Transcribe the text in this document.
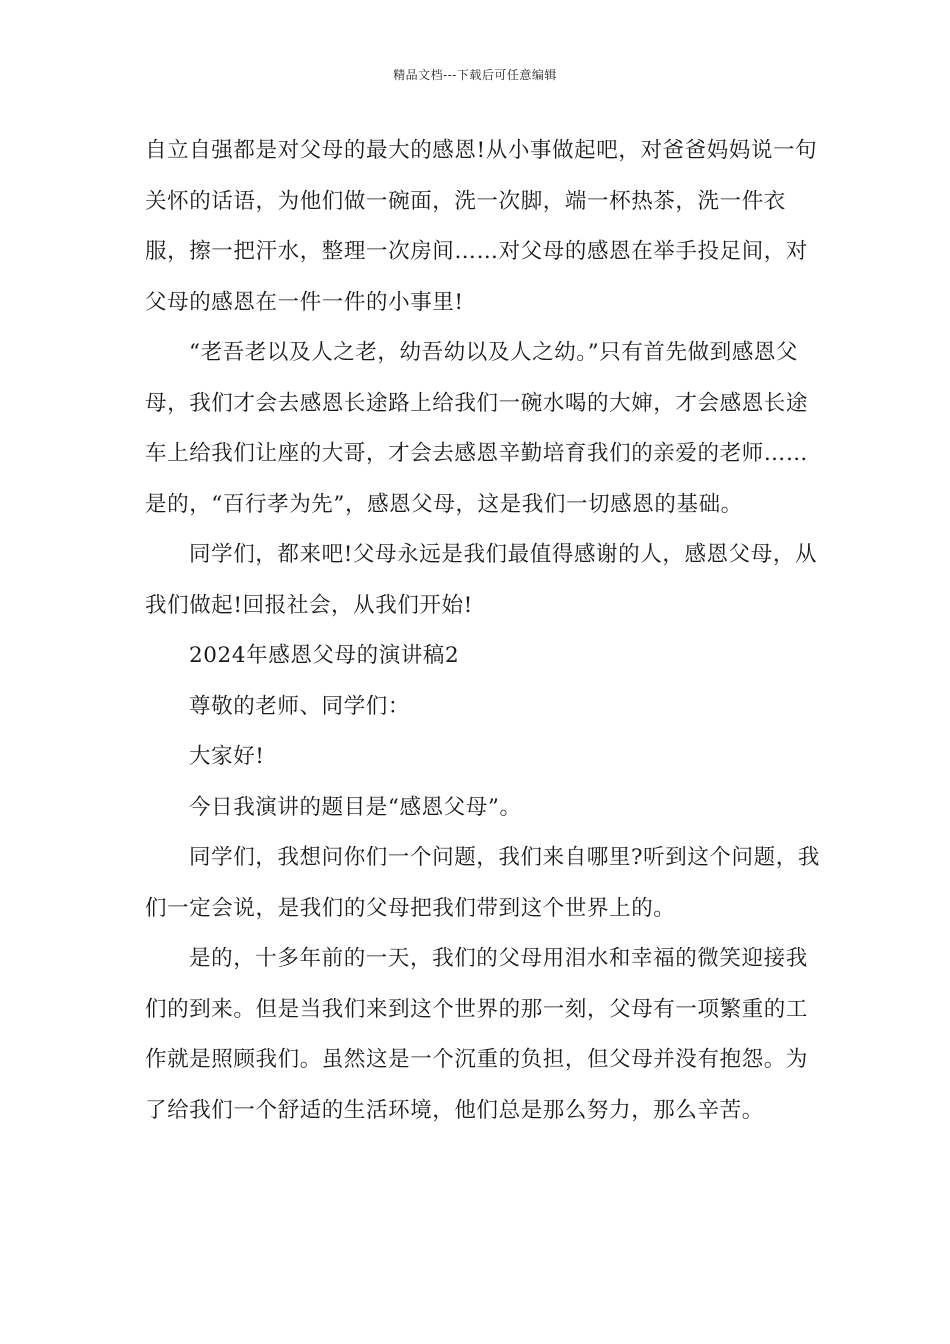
精品文档---下载后可任意编辑

自立自强都是对父母的最大的感恩!从小事做起吧，对爸爸妈妈说一句关怀的话语，为他们做一碗面，洗一次脚，端一杯热茶，洗一件衣服，擦一把汗水，整理一次房间……对父母的感恩在举手投足间，对父母的感恩在一件一件的小事里!

“老吾老以及人之老，幼吾幼以及人之幼。”只有首先做到感恩父母，我们才会去感恩长途路上给我们一碗水喝的大婶，才会感恩长途车上给我们让座的大哥，才会去感恩辛勤培育我们的亲爱的老师……是的，“百行孝为先”，感恩父母，这是我们一切感恩的基础。

同学们，都来吧!父母永远是我们最值得感谢的人，感恩父母，从我们做起!回报社会，从我们开始!

2024年感恩父母的演讲稿2

尊敬的老师、同学们：

大家好!

今日我演讲的题目是“感恩父母”。

同学们，我想问你们一个问题，我们来自哪里?听到这个问题，我们一定会说，是我们的父母把我们带到这个世界上的。

是的，十多年前的一天，我们的父母用泪水和幸福的微笑迎接我们的到来。但是当我们来到这个世界的那一刻，父母有一项繁重的工作就是照顾我们。虽然这是一个沉重的负担，但父母并没有抱怨。为了给我们一个舒适的生活环境，他们总是那么努力，那么辛苦。
